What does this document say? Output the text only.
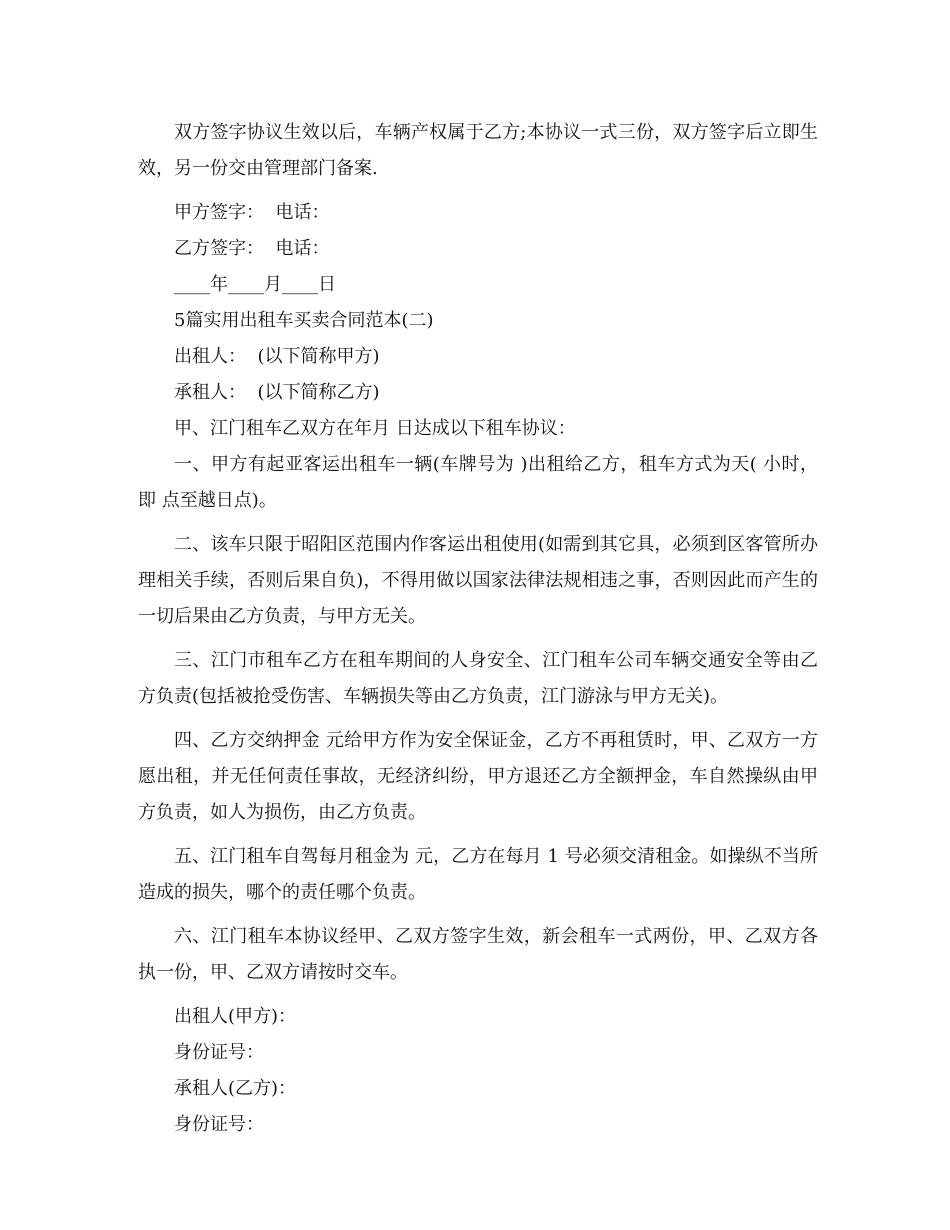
双方签字协议生效以后，车辆产权属于乙方;本协议一式三份，双方签字后立即生效，另一份交由管理部门备案.

甲方签字：  电话：

乙方签字：  电话：

____年____月____日

5篇实用出租车买卖合同范本(二)

出租人：  (以下简称甲方)

承租人：  (以下简称乙方)

甲、江门租车乙双方在年月 日达成以下租车协议：

一、甲方有起亚客运出租车一辆(车牌号为 )出租给乙方，租车方式为天( 小时，即 点至越日点)。

二、该车只限于昭阳区范围内作客运出租使用(如需到其它具，必须到区客管所办理相关手续，否则后果自负)，不得用做以国家法律法规相违之事，否则因此而产生的一切后果由乙方负责，与甲方无关。

三、江门市租车乙方在租车期间的人身安全、江门租车公司车辆交通安全等由乙方负责(包括被抢受伤害、车辆损失等由乙方负责，江门游泳与甲方无关)。

四、乙方交纳押金 元给甲方作为安全保证金，乙方不再租赁时，甲、乙双方一方愿出租，并无任何责任事故，无经济纠纷，甲方退还乙方全额押金，车自然操纵由甲方负责，如人为损伤，由乙方负责。

五、江门租车自驾每月租金为 元，乙方在每月 1 号必须交清租金。如操纵不当所造成的损失，哪个的责任哪个负责。

六、江门租车本协议经甲、乙双方签字生效，新会租车一式两份，甲、乙双方各执一份，甲、乙双方请按时交车。

出租人(甲方)：

身份证号：

承租人(乙方)：

身份证号：
